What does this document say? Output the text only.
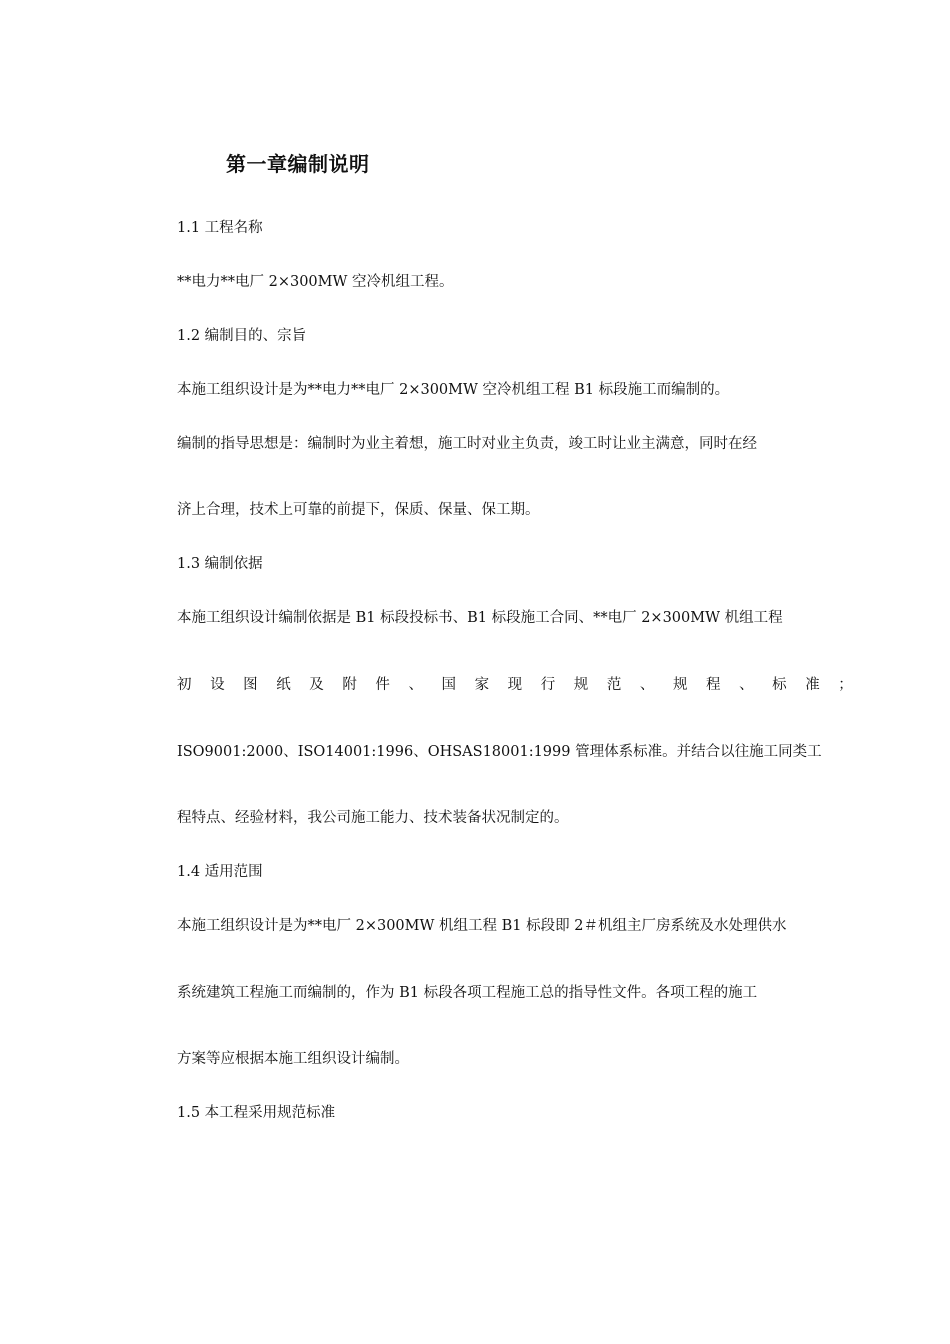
第一章编制说明
1.1 工程名称
**电力**电厂 2×300MW 空冷机组工程。
1.2 编制目的、宗旨
本施工组织设计是为**电力**电厂 2×300MW 空冷机组工程 B1 标段施工而编制的。
编制的指导思想是：编制时为业主着想，施工时对业主负责，竣工时让业主满意，同时在经
济上合理，技术上可靠的前提下，保质、保量、保工期。
1.3 编制依据
本施工组织设计编制依据是 B1 标段投标书、B1 标段施工合同、**电厂 2×300MW 机组工程
初 设 图 纸 及 附 件 、 国 家 现 行 规 范 、 规 程 、 标 准 ；
ISO9001:2000、ISO14001:1996、OHSAS18001:1999 管理体系标准。并结合以往施工同类工
程特点、经验材料，我公司施工能力、技术装备状况制定的。
1.4 适用范围
本施工组织设计是为**电厂 2×300MW 机组工程 B1 标段即 2＃机组主厂房系统及水处理供水
系统建筑工程施工而编制的，作为 B1 标段各项工程施工总的指导性文件。各项工程的施工
方案等应根据本施工组织设计编制。
1.5 本工程采用规范标准
